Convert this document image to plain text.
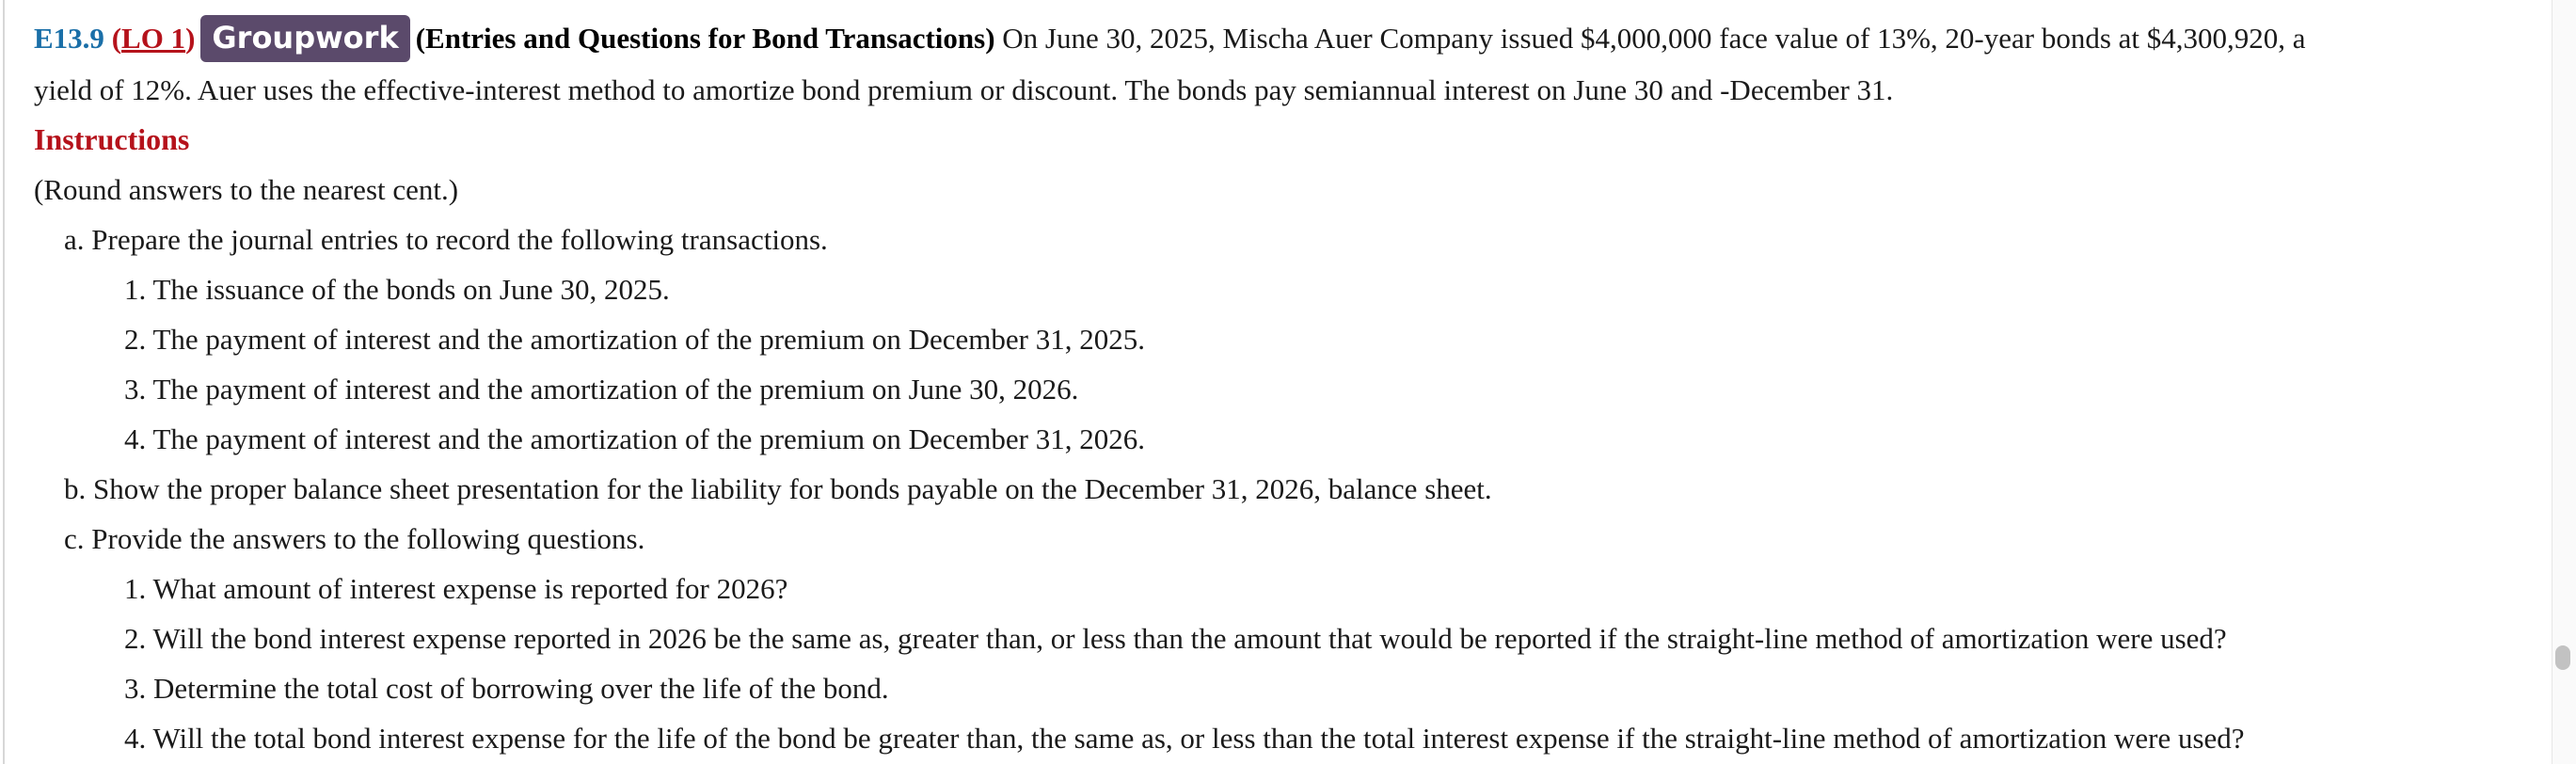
E13.9 (LO 1) Groupwork (Entries and Questions for Bond Transactions) On June 30, 2025, Mischa Auer Company issued $4,000,000 face value of 13%, 20-year bonds at $4,300,920, a
yield of 12%. Auer uses the effective-interest method to amortize bond premium or discount. The bonds pay semiannual interest on June 30 and -December 31.
Instructions
(Round answers to the nearest cent.)
a. Prepare the journal entries to record the following transactions.
1. The issuance of the bonds on June 30, 2025.
2. The payment of interest and the amortization of the premium on December 31, 2025.
3. The payment of interest and the amortization of the premium on June 30, 2026.
4. The payment of interest and the amortization of the premium on December 31, 2026.
b. Show the proper balance sheet presentation for the liability for bonds payable on the December 31, 2026, balance sheet.
c. Provide the answers to the following questions.
1. What amount of interest expense is reported for 2026?
2. Will the bond interest expense reported in 2026 be the same as, greater than, or less than the amount that would be reported if the straight-line method of amortization were used?
3. Determine the total cost of borrowing over the life of the bond.
4. Will the total bond interest expense for the life of the bond be greater than, the same as, or less than the total interest expense if the straight-line method of amortization were used?
